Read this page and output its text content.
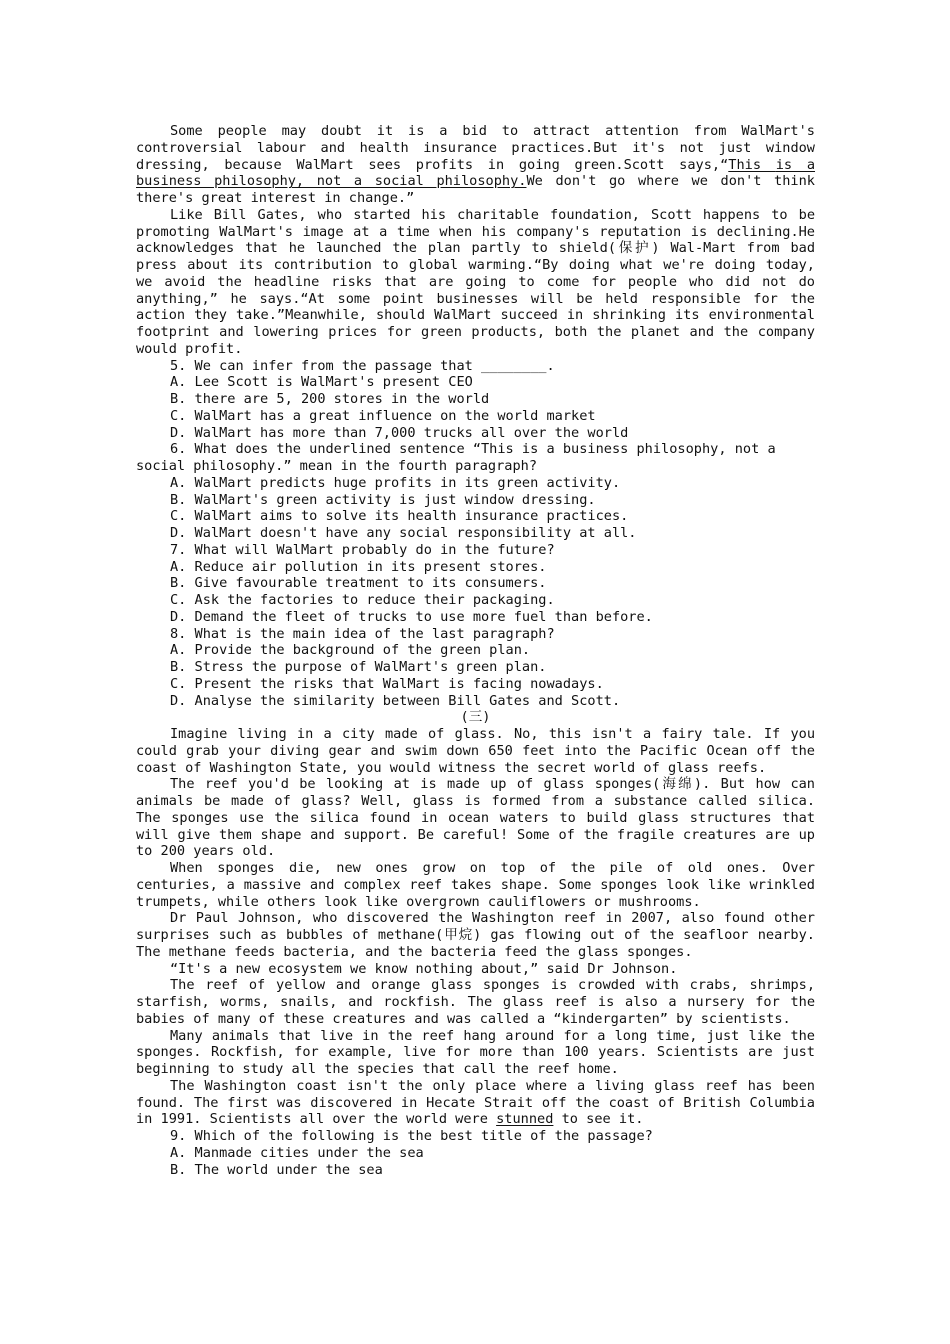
Some people may doubt it is a bid to attract attention from WalMart's controversial labour and health insurance practices.But it's not just window dressing, because WalMart sees profits in going green.Scott says,“This is a business philosophy, not a social philosophy.We don't go where we don't think there's great interest in change.”

Like Bill Gates, who started his charitable foundation, Scott happens to be promoting WalMart's image at a time when his company's reputation is declining.He acknowledges that he launched the plan partly to shield(保护) Wal-Mart from bad press about its contribution to global warming.“By doing what we're doing today, we avoid the headline risks that are going to come for people who did not do anything,” he says.“At some point businesses will be held responsible for the action they take.”Meanwhile, should WalMart succeed in shrinking its environmental footprint and lowering prices for green products, both the planet and the company would profit.

5. We can infer from the passage that ________.

A. Lee Scott is WalMart's present CEO

B. there are 5, 200 stores in the world

C. WalMart has a great influence on the world market

D. WalMart has more than 7,000 trucks all over the world

6. What does the underlined sentence “This is a business philosophy, not a social philosophy.” mean in the fourth paragraph?

A. WalMart predicts huge profits in its green activity.

B. WalMart's green activity is just window dressing.

C. WalMart aims to solve its health insurance practices.

D. WalMart doesn't have any social responsibility at all.

7. What will WalMart probably do in the future?

A. Reduce air pollution in its present stores.

B. Give favourable treatment to its consumers.

C. Ask the factories to reduce their packaging.

D. Demand the fleet of trucks to use more fuel than before.

8. What is the main idea of the last paragraph?

A. Provide the background of the green plan.

B. Stress the purpose of WalMart's green plan.

C. Present the risks that WalMart is facing nowadays.

D. Analyse the similarity between Bill Gates and Scott.

(三)

Imagine living in a city made of glass. No, this isn't a fairy tale. If you could grab your diving gear and swim down 650 feet into the Pacific Ocean off the coast of Washington State, you would witness the secret world of glass reefs.

The reef you'd be looking at is made up of glass sponges(海绵). But how can animals be made of glass? Well, glass is formed from a substance called silica. The sponges use the silica found in ocean waters to build glass structures that will give them shape and support. Be careful! Some of the fragile creatures are up to 200 years old.

When sponges die, new ones grow on top of the pile of old ones. Over centuries, a massive and complex reef takes shape. Some sponges look like wrinkled trumpets, while others look like overgrown cauliflowers or mushrooms.

Dr Paul Johnson, who discovered the Washington reef in 2007, also found other surprises such as bubbles of methane(甲烷) gas flowing out of the seafloor nearby. The methane feeds bacteria, and the bacteria feed the glass sponges.

“It's a new ecosystem we know nothing about,” said Dr Johnson.

The reef of yellow and orange glass sponges is crowded with crabs, shrimps, starfish, worms, snails, and rockfish. The glass reef is also a nursery for the babies of many of these creatures and was called a “kindergarten” by scientists.

Many animals that live in the reef hang around for a long time, just like the sponges. Rockfish, for example, live for more than 100 years. Scientists are just beginning to study all the species that call the reef home.

The Washington coast isn't the only place where a living glass reef has been found. The first was discovered in Hecate Strait off the coast of British Columbia in 1991. Scientists all over the world were stunned to see it.

9. Which of the following is the best title of the passage?

A. Manmade cities under the sea

B. The world under the sea
